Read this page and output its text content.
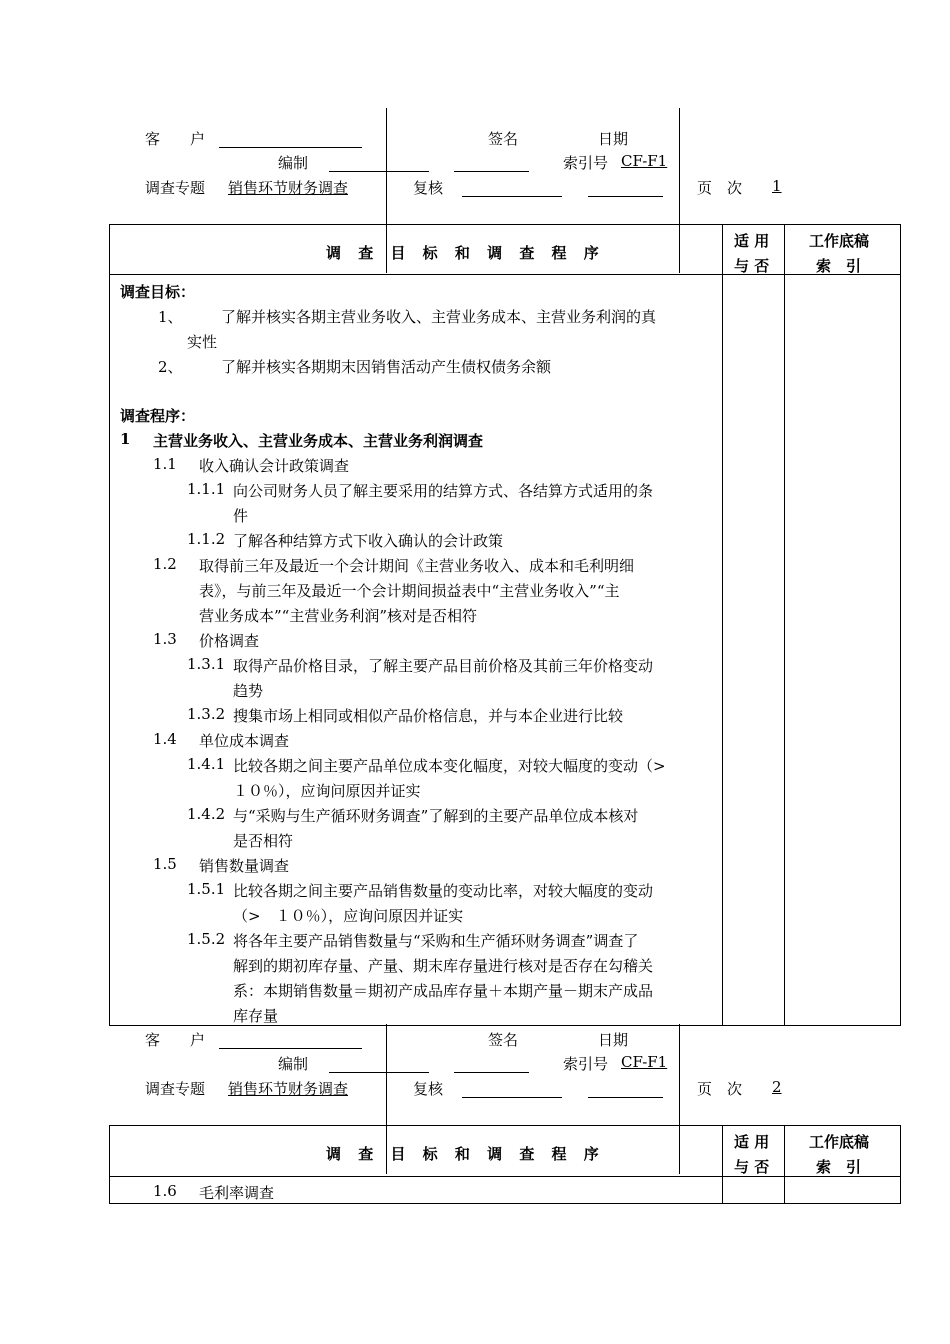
客　　户	签名	日期
编制	索引号 CF-F1
调查专题 销售环节财务调查	复核	页　次	1
调 查 目 标 和 调 查 程 序
适 用
与 否
工作底稿
索　引
调查目标：
1、	了解并核实各期主营业务收入、主营业务成本、主营业务利润的真
实性
2、	了解并核实各期期末因销售活动产生债权债务余额
调查程序：
1 主营业务收入、主营业务成本、主营业务利润调查
1.1 收入确认会计政策调查
1.1.1 向公司财务人员了解主要采用的结算方式、各结算方式适用的条
件
1.1.2 了解各种结算方式下收入确认的会计政策
1.2 取得前三年及最近一个会计期间《主营业务收入、成本和毛利明细
表》，与前三年及最近一个会计期间损益表中“主营业务收入”“主
营业务成本”“主营业务利润”核对是否相符
1.3 价格调查
1.3.1 取得产品价格目录，了解主要产品目前价格及其前三年价格变动
趋势
1.3.2 搜集市场上相同或相似产品价格信息，并与本企业进行比较
1.4 单位成本调查
1.4.1 比较各期之间主要产品单位成本变化幅度，对较大幅度的变动（>
１０％），应询问原因并证实
1.4.2 与“采购与生产循环财务调查”了解到的主要产品单位成本核对
是否相符
1.5 销售数量调查
1.5.1 比较各期之间主要产品销售数量的变动比率，对较大幅度的变动
（>　１０％），应询问原因并证实
1.5.2 将各年主要产品销售数量与“采购和生产循环财务调查”调查了
解到的期初库存量、产量、期末库存量进行核对是否存在勾稽关
系：本期销售数量＝期初产成品库存量＋本期产量－期末产成品
库存量
客　　户	签名	日期
编制	索引号 CF-F1
调查专题 销售环节财务调查	复核	页　次	2
调 查 目 标 和 调 查 程 序
适 用
与 否
工作底稿
索　引
1.6 毛利率调查
